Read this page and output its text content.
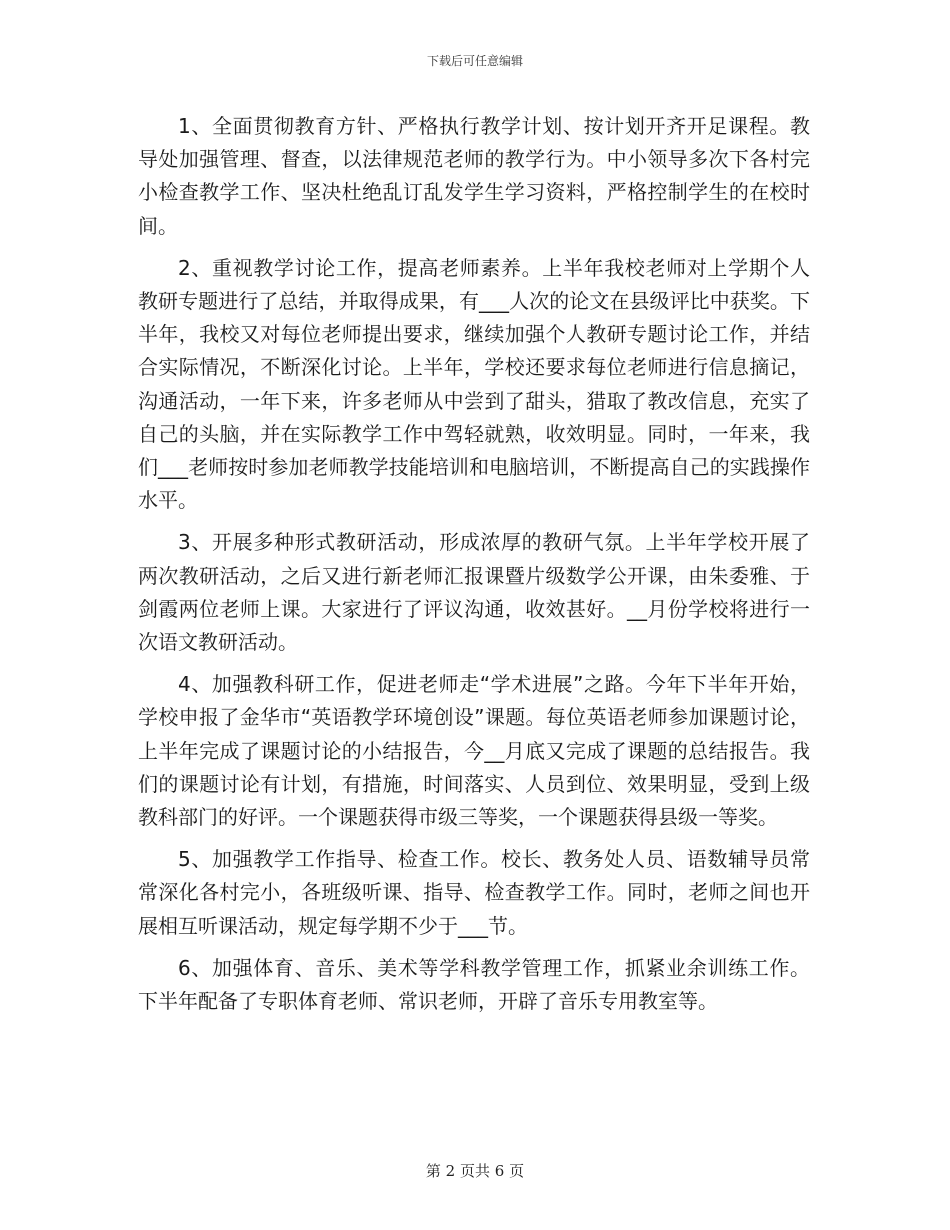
下载后可任意编辑

1、全面贯彻教育方针、严格执行教学计划、按计划开齐开足课程。教导处加强管理、督查，以法律规范老师的教学行为。中小领导多次下各村完小检查教学工作、坚决杜绝乱订乱发学生学习资料，严格控制学生的在校时间。

2、重视教学讨论工作，提高老师素养。上半年我校老师对上学期个人教研专题进行了总结，并取得成果，有___人次的论文在县级评比中获奖。下半年，我校又对每位老师提出要求，继续加强个人教研专题讨论工作，并结合实际情况，不断深化讨论。上半年，学校还要求每位老师进行信息摘记，沟通活动，一年下来，许多老师从中尝到了甜头，猎取了教改信息，充实了自己的头脑，并在实际教学工作中驾轻就熟，收效明显。同时，一年来，我们___老师按时参加老师教学技能培训和电脑培训，不断提高自己的实践操作水平。

3、开展多种形式教研活动，形成浓厚的教研气氛。上半年学校开展了两次教研活动，之后又进行新老师汇报课暨片级数学公开课，由朱委雅、于剑霞两位老师上课。大家进行了评议沟通，收效甚好。__月份学校将进行一次语文教研活动。

4、加强教科研工作，促进老师走“学术进展”之路。今年下半年开始，学校申报了金华市“英语教学环境创设”课题。每位英语老师参加课题讨论，上半年完成了课题讨论的小结报告，今__月底又完成了课题的总结报告。我们的课题讨论有计划，有措施，时间落实、人员到位、效果明显，受到上级教科部门的好评。一个课题获得市级三等奖，一个课题获得县级一等奖。

5、加强教学工作指导、检查工作。校长、教务处人员、语数辅导员常常深化各村完小，各班级听课、指导、检查教学工作。同时，老师之间也开展相互听课活动，规定每学期不少于___节。

6、加强体育、音乐、美术等学科教学管理工作，抓紧业余训练工作。下半年配备了专职体育老师、常识老师，开辟了音乐专用教室等。

第 2 页共 6 页
